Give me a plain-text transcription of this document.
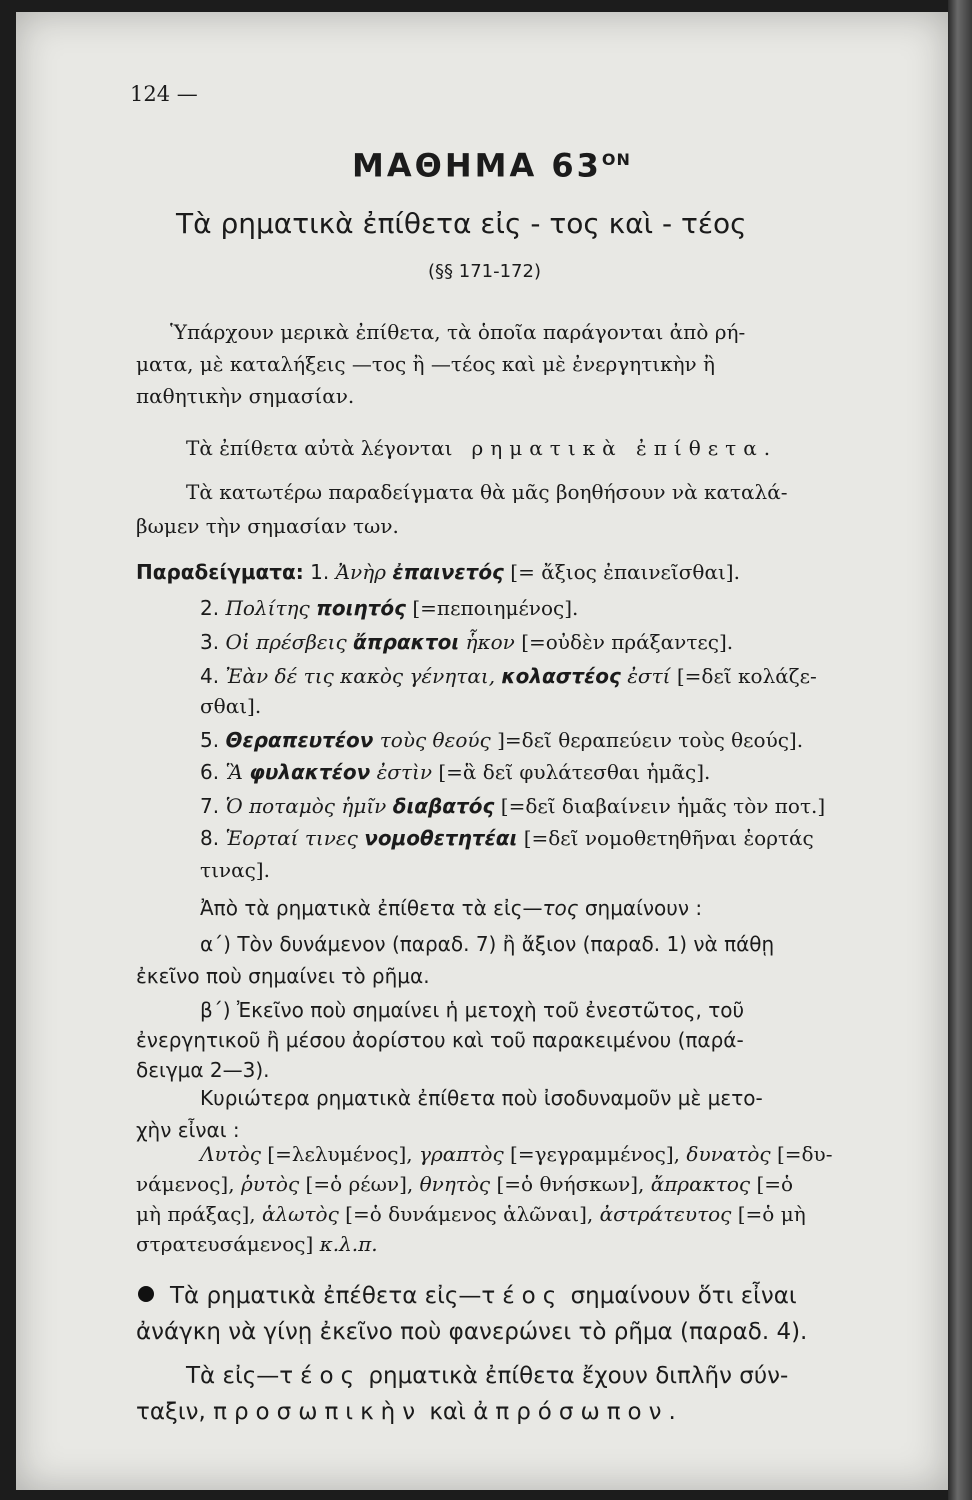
124 —
ΜΑΘΗΜΑ $63^{ON}$
Τὰ ρηματικὰ ἐπίθετα εἰς - τος καὶ - τέος
(§§ 171-172)
Ὑπάρχουν μερικὰ ἐπίθετα, τὰ ὁποῖα παράγονται ἀπὸ ρή-
ματα, μὲ καταλήξεις —τος ἢ —τέος καὶ μὲ ἐνεργητικὴν ἢ
παθητικὴν σημασίαν.
Τὰ ἐπίθετα αὐτὰ λέγονται ρηματικὰ ἐπίθετα.
Τὰ κατωτέρω παραδείγματα θὰ μᾶς βοηθήσουν νὰ καταλά-
βωμεν τὴν σημασίαν των.
Παραδείγματα: 1. Ἀνὴρ ἐπαινετός [= ἄξιος ἐπαινεῖσθαι].
2. Πολίτης ποιητός [=πεποιημένος].
3. Οἱ πρέσβεις ἄπρακτοι ἧκον [=οὐδὲν πράξαντες].
4. Ἐὰν δέ τις κακὸς γένηται, κολαστέος ἐστί [=δεῖ κολάζε-
σθαι].
5. Θεραπευτέον τοὺς θεούς ]=δεῖ θεραπεύειν τοὺς θεούς].
6. Ἃ φυλακτέον ἐστὶν [=ἃ δεῖ φυλάτεσθαι ἡμᾶς].
7. Ὁ ποταμὸς ἡμῖν διαβατός [=δεῖ διαβαίνειν ἡμᾶς τὸν ποτ.]
8. Ἑορταί τινες νομοθετητέαι [=δεῖ νομοθετηθῆναι ἑορτάς
τινας].
Ἀπὸ τὰ ρηματικὰ ἐπίθετα τὰ εἰς—τος σημαίνουν :
α΄) Τὸν δυνάμενον (παραδ. 7) ἢ ἄξιον (παραδ. 1) νὰ πάθῃ
ἐκεῖνο ποὺ σημαίνει τὸ ρῆμα.
β΄) Ἐκεῖνο ποὺ σημαίνει ἡ μετοχὴ τοῦ ἐνεστῶτος, τοῦ
ἐνεργητικοῦ ἢ μέσου ἀορίστου καὶ τοῦ παρακειμένου (παρά-
δειγμα 2—3).
Κυριώτερα ρηματικὰ ἐπίθετα ποὺ ἰσοδυναμοῦν μὲ μετο-
χὴν εἶναι :
Λυτὸς [=λελυμένος], γραπτὸς [=γεγραμμένος], δυνατὸς [=δυ-
νάμενος], ῥυτὸς [=ὁ ρέων], θνητὸς [=ὁ θνήσκων], ἄπρακτος [=ὁ
μὴ πράξας], ἁλωτὸς [=ὁ δυνάμενος ἁλῶναι], ἀστράτευτος [=ὁ μὴ
στρατευσάμενος] κ.λ.π.
Τὰ ρηματικὰ ἐπέθετα εἰς—τέος σημαίνουν ὅτι εἶναι
ἀνάγκη νὰ γίνῃ ἐκεῖνο ποὺ φανερώνει τὸ ρῆμα (παραδ. 4).
Τὰ εἰς—τέος ρηματικὰ ἐπίθετα ἔχουν διπλῆν σύν-
ταξιν, προσωπικὴν καὶ ἀπρόσωπον.
